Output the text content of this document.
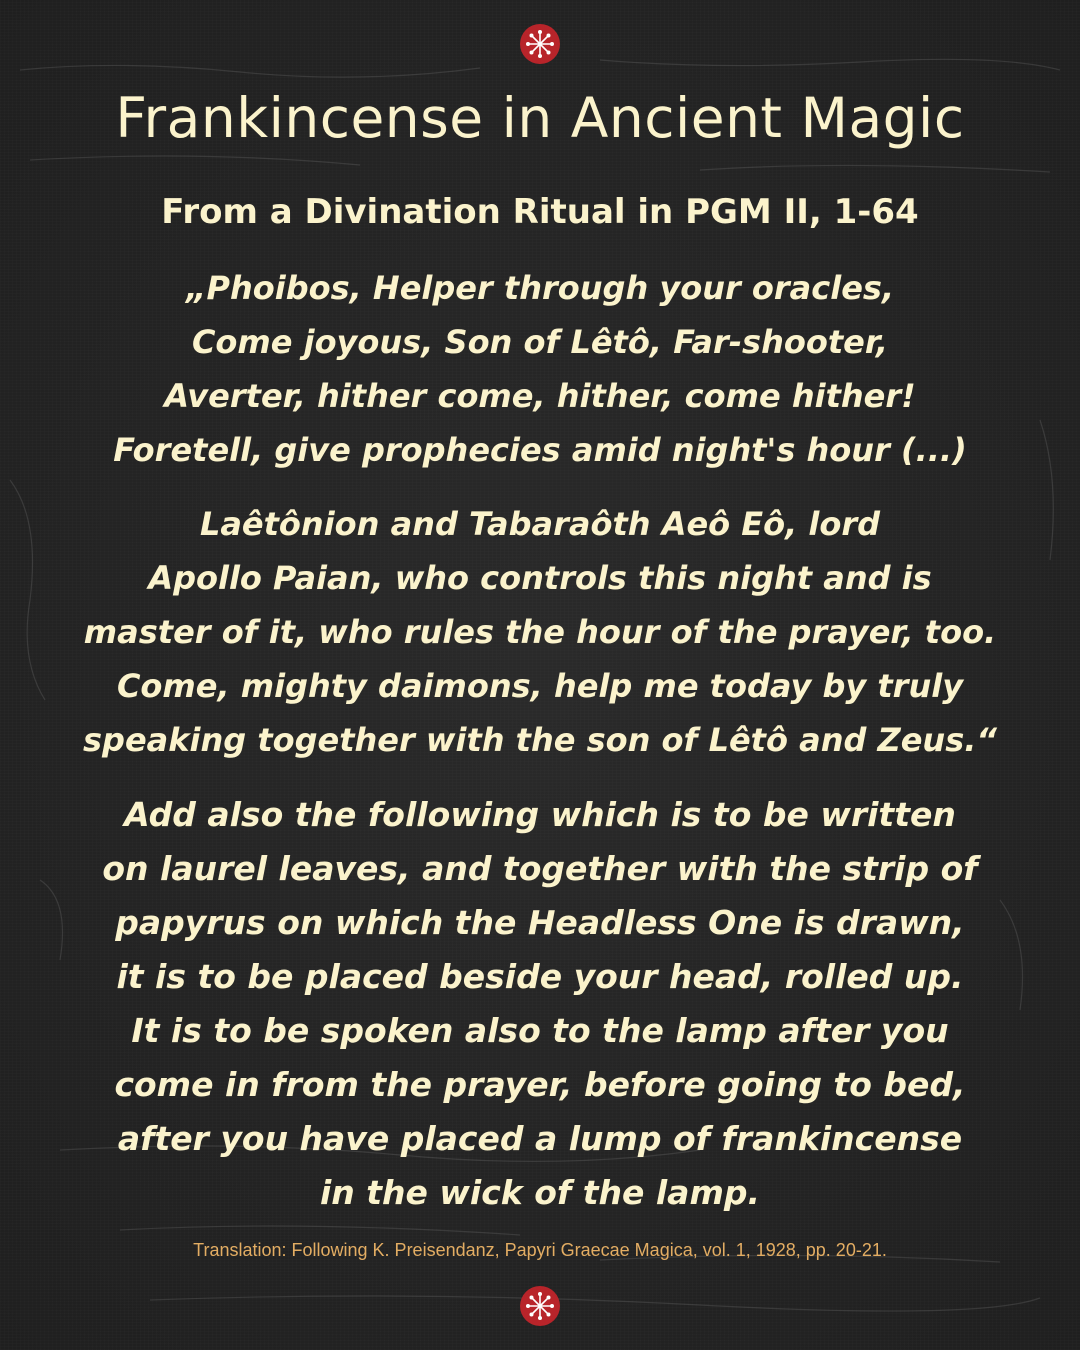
Frankincense in Ancient Magic
From a Divination Ritual in PGM II, 1-64
„Phoibos, Helper through your oracles,
Come joyous, Son of Lêtô, Far-shooter,
Averter, hither come, hither, come hither!
Foretell, give prophecies amid night's hour (...)
Laêtônion and Tabaraôth Aeô Eô, lord
Apollo Paian, who controls this night and is
master of it, who rules the hour of the prayer, too.
Come, mighty daimons, help me today by truly
speaking together with the son of Lêtô and Zeus.“
Add also the following which is to be written
on laurel leaves, and together with the strip of
papyrus on which the Headless One is drawn,
it is to be placed beside your head, rolled up.
It is to be spoken also to the lamp after you
come in from the prayer, before going to bed,
after you have placed a lump of frankincense
in the wick of the lamp.
Translation: Following K. Preisendanz, Papyri Graecae Magica, vol. 1, 1928, pp. 20-21.
